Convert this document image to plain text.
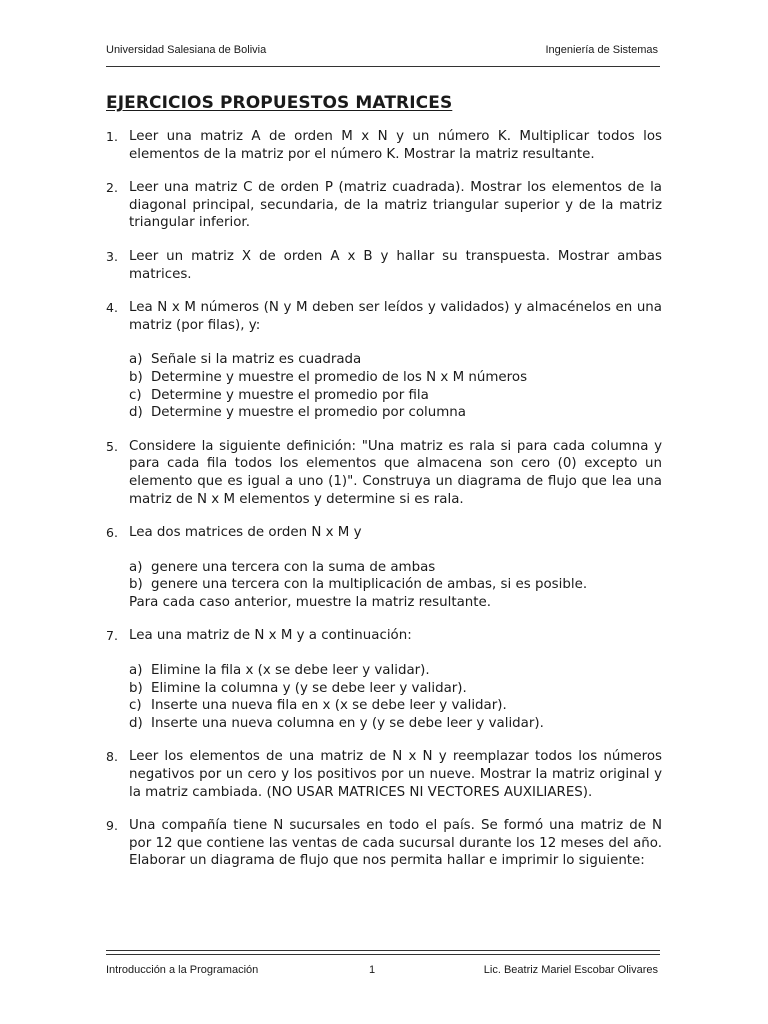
Universidad Salesiana de Bolivia	Ingeniería de Sistemas
EJERCICIOS PROPUESTOS MATRICES
1. Leer una matriz A de orden M x N y un número K. Multiplicar todos los elementos de la matriz por el número K. Mostrar la matriz resultante.

2. Leer una matriz C de orden P (matriz cuadrada). Mostrar los elementos de la diagonal principal, secundaria, de la matriz triangular superior y de la matriz triangular inferior.

3. Leer un matriz X de orden A x B y hallar su transpuesta. Mostrar ambas matrices.

4. Lea N x M números (N y M deben ser leídos y validados) y almacénelos en una matriz (por filas), y:

a) Señale si la matriz es cuadrada
b) Determine y muestre el promedio de los N x M números
c) Determine y muestre el promedio por fila
d) Determine y muestre el promedio por columna
5. Considere la siguiente definición: "Una matriz es rala si para cada columna y para cada fila todos los elementos que almacena son cero (0) excepto un elemento que es igual a uno (1)". Construya un diagrama de flujo que lea una matriz de N x M elementos y determine si es rala.

6. Lea dos matrices de orden N x M y

a) genere una tercera con la suma de ambas
b) genere una tercera con la multiplicación de ambas, si es posible.

Para cada caso anterior, muestre la matriz resultante.

7. Lea una matriz de N x M y a continuación:

a) Elimine la fila x (x se debe leer y validar).
b) Elimine la columna y (y se debe leer y validar).
c) Inserte una nueva fila en x (x se debe leer y validar).
d) Inserte una nueva columna en y (y se debe leer y validar).
8. Leer los elementos de una matriz de N x N y reemplazar todos los números negativos por un cero y los positivos por un nueve. Mostrar la matriz original y la matriz cambiada. (NO USAR MATRICES NI VECTORES AUXILIARES).

9. Una compañía tiene N sucursales en todo el país. Se formó una matriz de N por 12 que contiene las ventas de cada sucursal durante los 12 meses del año. Elaborar un diagrama de flujo que nos permita hallar e imprimir lo siguiente:

Introducción a la Programación	1	Lic. Beatriz Mariel Escobar Olivares
